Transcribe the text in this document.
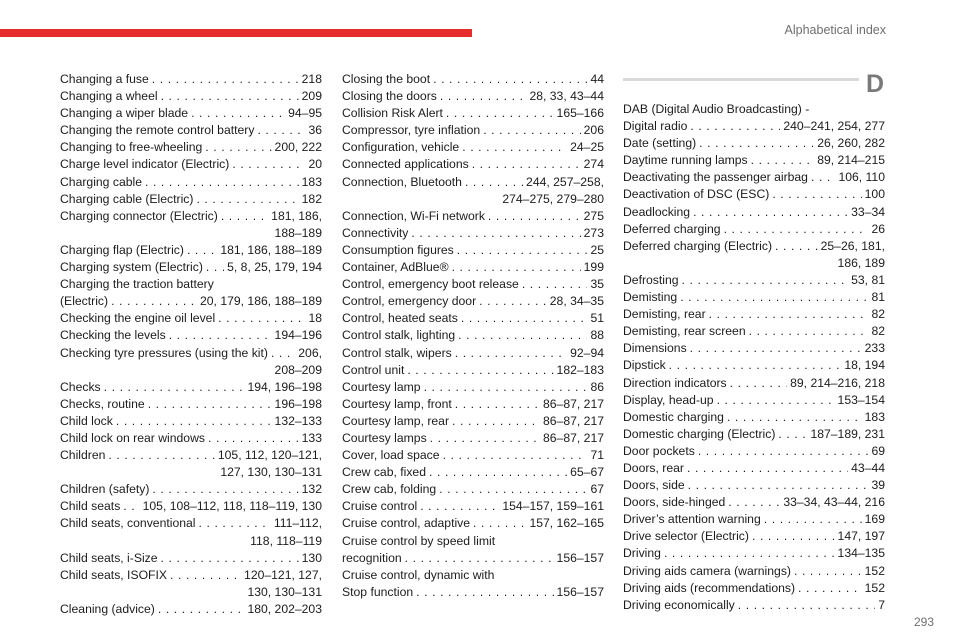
Alphabetical index
Changing a fuse . . .	218
Changing a wheel . . .	209
Changing a wiper blade . . .	94–95
Changing the remote control battery . . .	36
Changing to free-wheeling . . .	200, 222
Charge level indicator (Electric) . . .	20
Charging cable . . .	183
Charging cable (Electric) . . .	182
Charging connector (Electric) . . .	181, 186,
188–189
Charging flap (Electric) . . .	181, 186, 188–189
Charging system (Electric) . . . 5, 8, 25, 179, 194
Charging the traction battery
(Electric) . . .	20, 179, 186, 188–189
Checking the engine oil level . . .	18
Checking the levels . . .	194–196
Checking tyre pressures (using the kit) . . . 206,
208–209
Checks . . .	194, 196–198
Checks, routine . . .	196–198
Child lock . . .	132–133
Child lock on rear windows . . .	133
Children . . .	105, 112, 120–121,
127, 130, 130–131
Children (safety) . . .	132
Child seats . . . 105, 108–112, 118, 118–119, 130
Child seats, conventional . . .	111–112,
118, 118–119
Child seats, i-Size . . .	130
Child seats, ISOFIX . . .	120–121, 127,
130, 130–131
Cleaning (advice) . . .	180, 202–203
Closing the boot . . .	44
Closing the doors . . .	28, 33, 43–44
Collision Risk Alert . . .	165–166
Compressor, tyre inflation . . .	206
Configuration, vehicle . . .	24–25
Connected applications . . .	274
Connection, Bluetooth . . .	244, 257–258,
274–275, 279–280
Connection, Wi-Fi network . . .	275
Connectivity . . .	273
Consumption figures . . .	25
Container, AdBlue® . . .	199
Control, emergency boot release . . .	35
Control, emergency door . . .	28, 34–35
Control, heated seats . . .	51
Control stalk, lighting . . .	88
Control stalk, wipers . . .	92–94
Control unit . . .	182–183
Courtesy lamp . . .	86
Courtesy lamp, front . . .	86–87, 217
Courtesy lamp, rear . . .	86–87, 217
Courtesy lamps . . .	86–87, 217
Cover, load space . . .	71
Crew cab, fixed . . .	65–67
Crew cab, folding . . .	67
Cruise control . . .	154–157, 159–161
Cruise control, adaptive . . .	157, 162–165
Cruise control by speed limit
recognition . . .	156–157
Cruise control, dynamic with
Stop function . . .	156–157
D
DAB (Digital Audio Broadcasting) -
Digital radio . . .	240–241, 254, 277
Date (setting) . . .	26, 260, 282
Daytime running lamps . . .	89, 214–215
Deactivating the passenger airbag . . . 106, 110
Deactivation of DSC (ESC) . . .	100
Deadlocking . . .	33–34
Deferred charging . . .	26
Deferred charging (Electric) . . .	25–26, 181,
186, 189
Defrosting . . .	53, 81
Demisting . . .	81
Demisting, rear . . .	82
Demisting, rear screen . . .	82
Dimensions . . .	233
Dipstick . . .	18, 194
Direction indicators . . .	89, 214–216, 218
Display, head-up . . .	153–154
Domestic charging . . .	183
Domestic charging (Electric) . . .	187–189, 231
Door pockets . . .	69
Doors, rear . . .	43–44
Doors, side . . .	39
Doors, side-hinged . . .	33–34, 43–44, 216
Driver’s attention warning . . .	169
Drive selector (Electric) . . .	147, 197
Driving . . .	134–135
Driving aids camera (warnings) . . .	152
Driving aids (recommendations) . . .	152
Driving economically . . .	7
293
